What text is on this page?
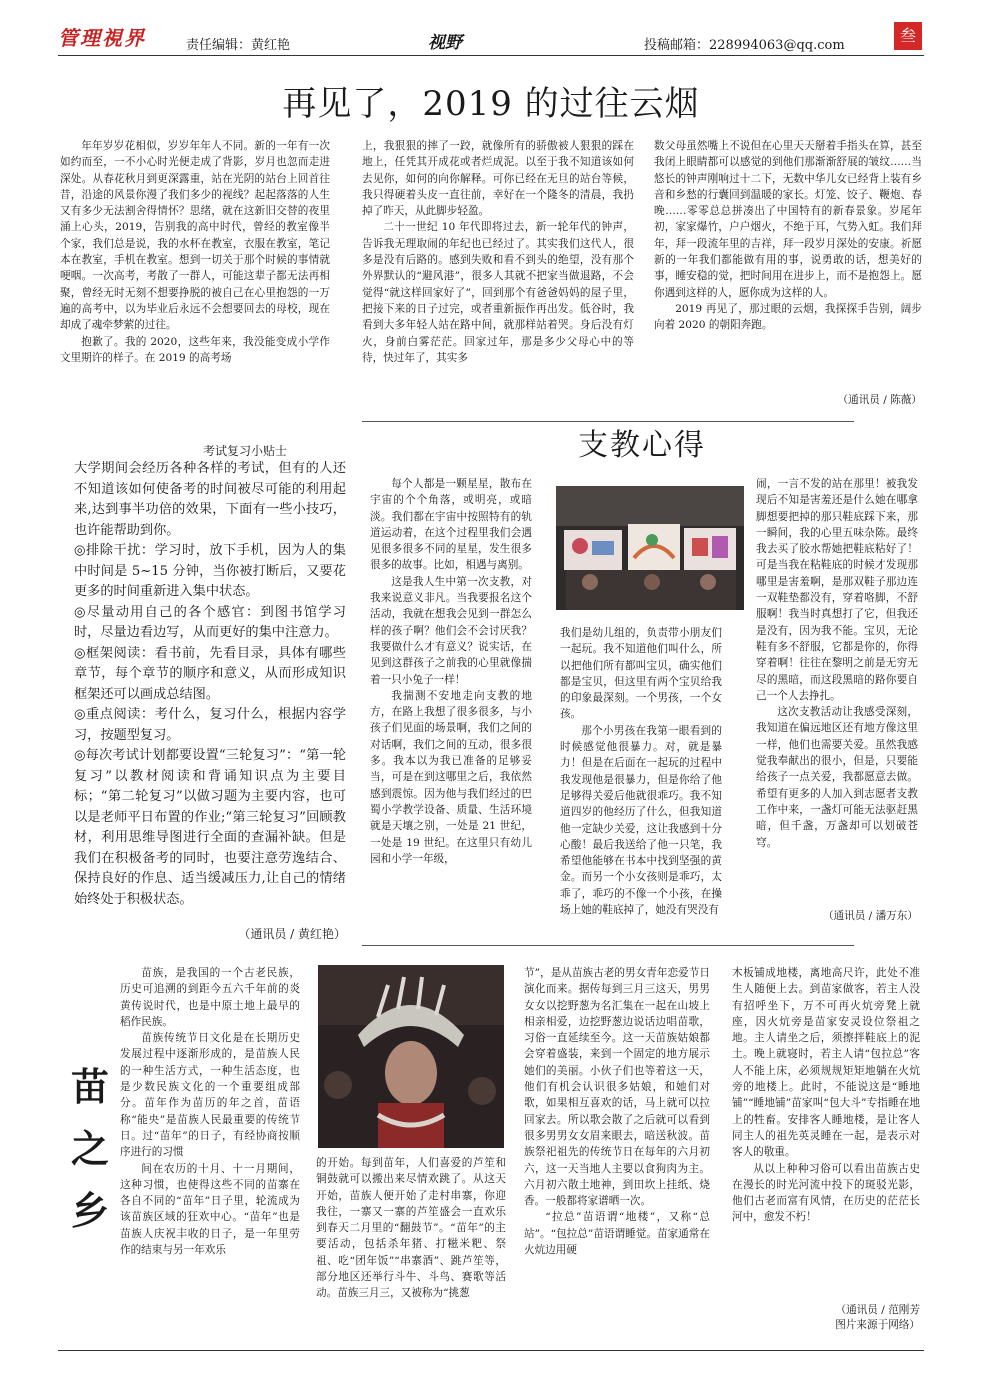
管理視界	责任编辑：黄红艳	视野	投稿邮箱：228994063@qq.com
叁
再见了，2019 的过往云烟

年年岁岁花相似，岁岁年年人不同。新的一年有一次如约而至，一不小心时光便走成了背影，岁月也忽而走进深处。从春花秋月到更深露重，站在光阴的站台上回首往昔，沿途的风景你漫了我们多少的视线？起起落落的人生又有多少无法割舍得情怀？思绪，就在这新旧交替的夜里涌上心头，2019，告别我的高中时代，曾经的教室像半个家，我们总是说，我的水杯在教室，衣服在教室，笔记本在教室，手机在教室。想到一切关于那个时候的事情就哽咽。一次高考，考散了一群人，可能这辈子都无法再相聚，曾经无时无刻不想要挣脱的被自己在心里抱怨的一万遍的高考中，以为毕业后永远不会想要回去的母校，现在却成了魂牵梦萦的过往。

抱歉了。我的 2020，这些年来，我没能变成小学作文里期许的样子。在 2019 的高考场

上，我狠狠的摔了一跤，就像所有的骄傲被人狠狠的踩在地上，任凭其开成花或者烂成泥。以至于我不知道该如何去见你，如何的向你解释。可你已经在无旦的站台等候，我只得硬着头皮一直往前，幸好在一个隆冬的清晨，我扔掉了昨天，从此脚步轻盈。

二十一世纪 10 年代即将过去，新一轮年代的钟声，告诉我无理取闹的年纪也已经过了。其实我们这代人，很多是没有后路的。感到失败和看不到头的绝望，没有那个外界默认的“避风港”，很多人其就不把家当做退路，不会觉得“就这样回家好了”，回到那个有爸爸妈妈的屋子里，把接下来的日子过完，或者重新振作再出发。低谷时，我看到大多年轻人站在路中间，就那样站着哭。身后没有灯火，身前白雾茫茫。回家过年，那是多少父母心中的等待，快过年了，其实多

数父母虽然嘴上不说但在心里天天掰着手指头在算，甚至我闭上眼睛都可以感觉的到他们那渐渐舒展的皱纹……当悠长的钟声刚响过十二下，无数中华儿女已经背上装有乡音和乡愁的行囊回到温暖的家长。灯笼、饺子、鞭炮、春晚……零零总总拼凑出了中国特有的新春景象。岁尾年初，家家爆竹，户户烟火，不绝于耳，气势入虹。我们拜年，拜一段流年里的吉祥，拜一段岁月深处的安康。祈愿新的一年我们都能做有用的事，说勇敢的话，想美好的事，睡安稳的觉，把时间用在进步上，而不是抱怨上。愿你遇到这样的人，愿你成为这样的人。

2019 再见了，那过眼的云烟，我探探手告别，阔步向着 2020 的朝阳奔跑。

（通讯员 / 陈薇）
考试复习小贴士

大学期间会经历各种各样的考试，但有的人还不知道该如何使备考的时间被尽可能的利用起来,达到事半功倍的效果，下面有一些小技巧，也许能帮助到你。

◎排除干扰：学习时，放下手机，因为人的集中时间是 5~15 分钟，当你被打断后，又要花更多的时间重新进入集中状态。

◎尽量动用自己的各个感官：到图书馆学习时，尽量边看边写，从而更好的集中注意力。

◎框架阅读：看书前，先看目录，具体有哪些章节，每个章节的顺序和意义，从而形成知识框架还可以画成总结图。

◎重点阅读：考什么，复习什么，根据内容学习，按题型复习。

◎每次考试计划都要设置“三轮复习”：“第一轮复习”以教材阅读和背诵知识点为主要目标；“第二轮复习”以做习题为主要内容，也可以是老师平日布置的作业;“第三轮复习”回顾教材，利用思维导图进行全面的查漏补缺。但是我们在积极备考的同时，也要注意劳逸结合、保持良好的作息、适当缓减压力,让自己的情绪始终处于积极状态。

（通讯员 / 黄红艳）
支教心得

每个人都是一颗星星，散布在宇宙的个个角落，或明亮，或暗淡。我们都在宇宙中按照特有的轨道运动着，在这个过程里我们会遇见很多很多不同的星星，发生很多很多的故事。比如，相遇与离别。

这是我人生中第一次支教，对我来说意义非凡。当我要报名这个活动，我就在想我会见到一群怎么样的孩子啊？他们会不会讨厌我？我要做什么才有意义？说实话，在见到这群孩子之前我的心里就像揣着一只小兔子一样！

我揣测不安地走向支教的地方，在路上我想了很多很多，与小孩子们见面的场景啊，我们之间的对话啊，我们之间的互动，很多很多。我本以为我已准备的足够妥当，可是在到这哪里之后，我依然感到震惊。因为他与我们经过的巴蜀小学教学设备、质量、生活环境就是天壤之别，一处是 21 世纪，一处是 19 世纪。在这里只有幼儿园和小学一年级，

我们是幼儿组的，负责带小朋友们一起玩。我不知道他们叫什么，所以把他们所有都叫宝贝，确实他们都是宝贝，但这里有两个宝贝给我的印象最深刻。一个男孩，一个女孩。

那个小男孩在我第一眼看到的时候感觉他很暴力。对，就是暴力！但是在后面在一起玩的过程中我发现他是很暴力，但是你给了他足够得关爱后他就很乖巧。我不知道四岁的他经历了什么，但我知道他一定缺少关爱，这让我感到十分心酸！最后我送给了他一只笔，我希望他能够在书本中找到坚强的黄金。而另一个小女孩则是乖巧，太乖了，乖巧的不像一个小孩，在操场上她的鞋底掉了，她没有哭没有

闹，一言不发的站在那里！被我发现后不知是害羞还是什么她在哪拿脚想要把掉的那只鞋底踩下来，那一瞬间，我的心里五味杂陈。最终我去买了胶水帮她把鞋底粘好了！可是当我在粘鞋底的时候才发现那哪里是害羞啊，是那双鞋子那边连一双鞋垫都没有，穿着咯脚，不舒服啊！我当时真想打了它，但我还是没有，因为我不能。宝贝，无论鞋有多不舒服，它都是你的，你得穿着啊！往往在黎明之前是无穷无尽的黑暗，而这段黑暗的路你要自己一个人去挣扎。

这次支教活动让我感受深刻，我知道在偏远地区还有地方像这里一样，他们也需要关爱。虽然我感觉我奉献出的很小，但是，只要能给孩子一点关爱，我都愿意去做。希望有更多的人加入到志愿者支教工作中来，一盏灯可能无法驱赶黑暗，但千盏，万盏却可以划破苍穹。

（通讯员 / 潘万东）
苗
之
乡

苗族，是我国的一个古老民族，历史可追溯的到距今五六千年前的炎黄传说时代，也是中原土地上最早的稻作民族。

苗族传统节日文化是在长期历史发展过程中逐渐形成的，是苗族人民的一种生活方式，一种生活态度，也是少数民族文化的一个重要组成部分。苗年作为苗历的年之首，苗语称“能央”是苗族人民最重要的传统节日。过“苗年”的日子，有经协商按顺序进行的习惯

间在农历的十月、十一月期间，这种习惯，也使得这些不同的苗寨在各自不同的“苗年”日子里，轮流成为该苗族区域的狂欢中心。“苗年”也是苗族人庆祝丰收的日子，是一年里劳作的结束与另一年欢乐

的开始。每到苗年，人们喜爱的芦笙和铜鼓就可以搬出来尽情欢跳了。从这天开始，苗族人便开始了走村串寨，你迎我往，一寨又一寨的芦笙盛会一直欢乐到春天二月里的“翻鼓节”。“苗年”的主要活动，包括杀年猪、打糍米粑、祭祖、吃“团年饭”“串寨酒”、跳芦笙等，部分地区还举行斗牛、斗鸟、赛歌等活动。苗族三月三，又被称为“挑葱

节”，是从苗族古老的男女青年恋爱节日演化而来。据传每到三月三这天，男男女女以挖野葱为名汇集在一起在山坡上相亲相爱，边挖野葱边说话边唱苗歌，习俗一直延续至今。这一天苗族姑娘都会穿着盛装，来到一个固定的地方展示她们的美丽。小伙子们也等着这一天，他们有机会认识很多姑娘，和她们对歌，如果相互喜欢的话，马上就可以拉回家去。所以歌会散了之后就可以看到很多男男女女眉来眼去，暗送秋波。苗族祭祀祖先的传统节日在每年的六月初六，这一天当地人主要以食狗肉为主。六月初六散土地神，到田坎上挂纸、烧香。一般都将家谱晒一次。

“拉总”苗语谓“地楼”，又称“总站”。“包拉总”苗语谓睡觉。苗家通常在火炕边用硬

木板铺成地楼，离地高尺许，此处不准生人随便上去。到苗家做客，若主人没有招呼坐下，万不可再火炕旁凳上就座，因火炕旁是苗家安灵设位祭祖之地。主人请坐之后，须擦拌鞋底上的泥土。晚上就寝时，若主人请“包拉总”客人不能上床，必须规规矩矩地躺在火炕旁的地楼上。此时，不能说这是“睡地铺”“睡地铺”苗家叫“包大斗”专指睡在地上的牲畜。安排客人睡地楼，是让客人同主人的祖先英灵睡在一起，是表示对客人的敬重。

从以上种种习俗可以看出苗族古史在漫长的时光河流中投下的斑驳光影，他们古老而富有风情，在历史的茫茫长河中，愈发不朽！

（通讯员 / 范刚芳
图片来源于网络）
